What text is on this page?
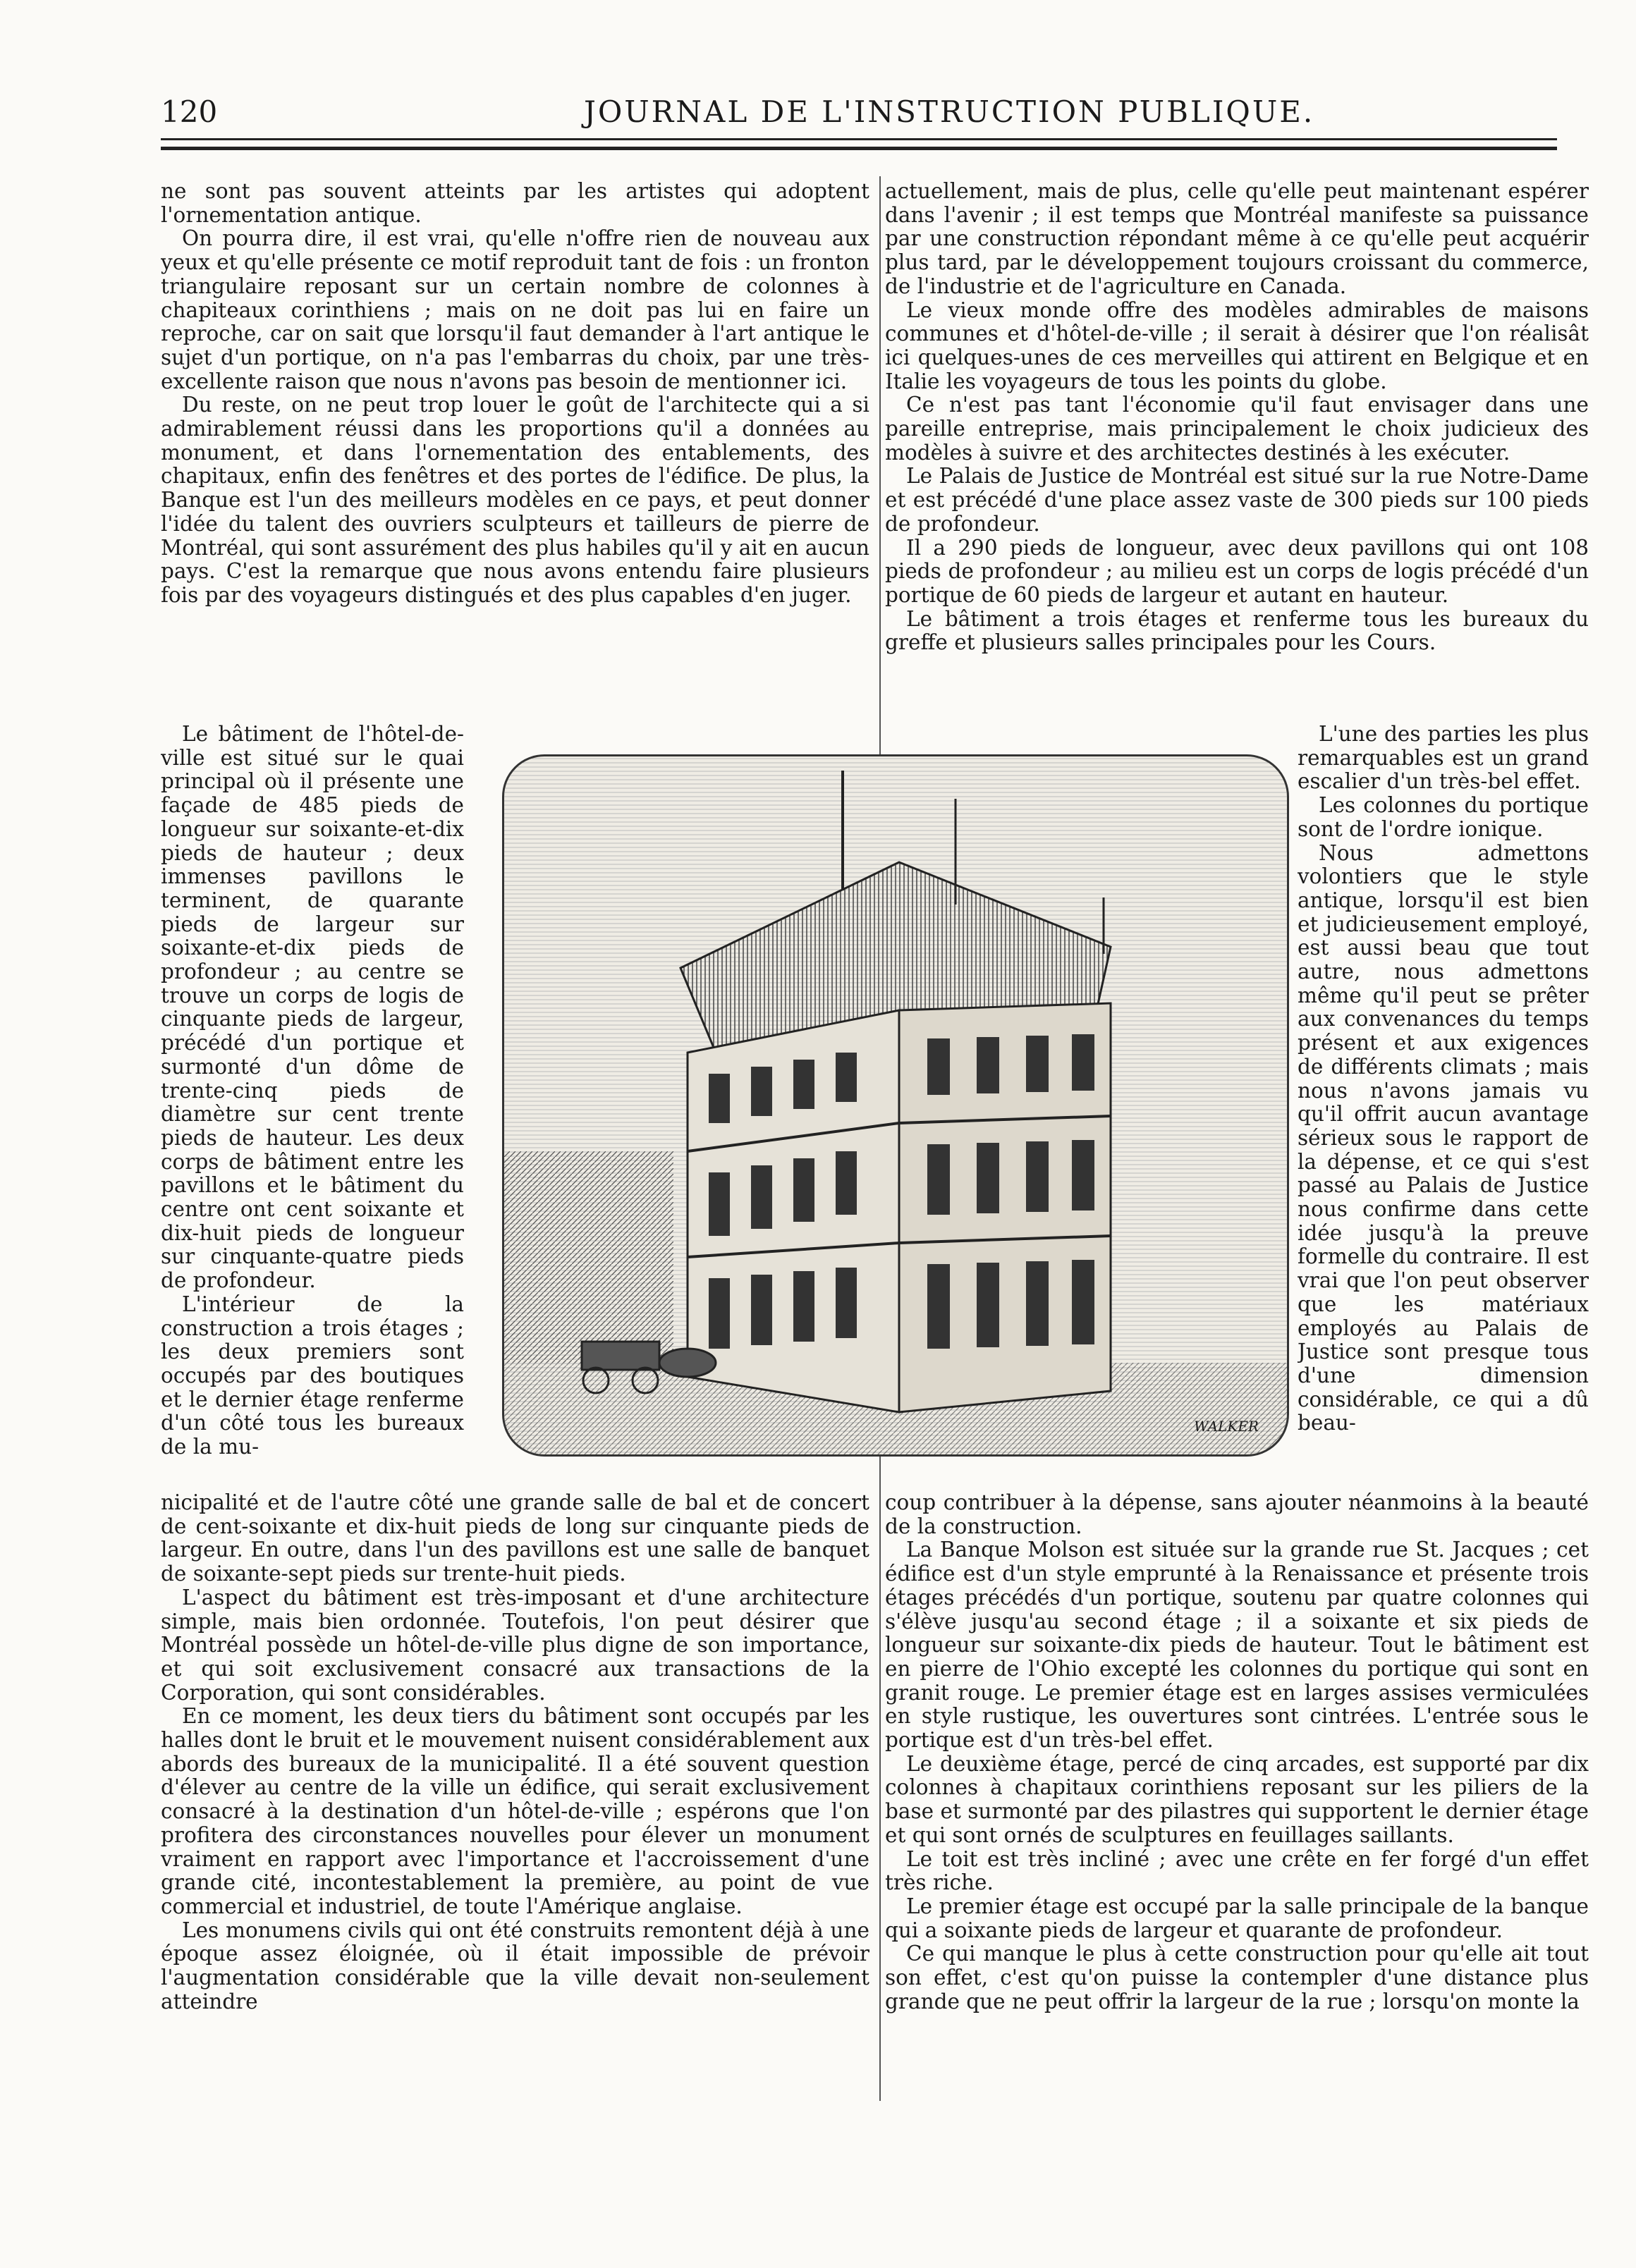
120	JOURNAL DE L'INSTRUCTION PUBLIQUE.

ne sont pas souvent atteints par les artistes qui adoptent l'ornementation antique.

On pourra dire, il est vrai, qu'elle n'offre rien de nouveau aux yeux et qu'elle présente ce motif reproduit tant de fois : un fronton triangulaire reposant sur un certain nombre de colonnes à chapiteaux corinthiens ; mais on ne doit pas lui en faire un reproche, car on sait que lorsqu'il faut demander à l'art antique le sujet d'un portique, on n'a pas l'embarras du choix, par une très-excellente raison que nous n'avons pas besoin de mentionner ici.

Du reste, on ne peut trop louer le goût de l'architecte qui a si admirablement réussi dans les proportions qu'il a données au monument, et dans l'ornementation des entablements, des chapitaux, enfin des fenêtres et des portes de l'édifice. De plus, la Banque est l'un des meilleurs modèles en ce pays, et peut donner l'idée du talent des ouvriers sculpteurs et tailleurs de pierre de Montréal, qui sont assurément des plus habiles qu'il y ait en aucun pays. C'est la remarque que nous avons entendu faire plusieurs fois par des voyageurs distingués et des plus capables d'en juger.

Le bâtiment de l'hôtel-de-ville est situé sur le quai principal où il présente une façade de 485 pieds de longueur sur soixante-et-dix pieds de hauteur ; deux immenses pavillons le terminent, de quarante pieds de largeur sur soixante-et-dix pieds de profondeur ; au centre se trouve un corps de logis de cinquante pieds de largeur, précédé d'un portique et surmonté d'un dôme de trente-cinq pieds de diamètre sur cent trente pieds de hauteur. Les deux corps de bâtiment entre les pavillons et le bâtiment du centre ont cent soixante et dix-huit pieds de longueur sur cinquante-quatre pieds de profondeur.

L'intérieur de la construction a trois étages ; les deux premiers sont occupés par des boutiques et le dernier étage renferme d'un côté tous les bureaux de la mu-

actuellement, mais de plus, celle qu'elle peut maintenant espérer dans l'avenir ; il est temps que Montréal manifeste sa puissance par une construction répondant même à ce qu'elle peut acquérir plus tard, par le développement toujours croissant du commerce, de l'industrie et de l'agriculture en Canada.

Le vieux monde offre des modèles admirables de maisons communes et d'hôtel-de-ville ; il serait à désirer que l'on réalisât ici quelques-unes de ces merveilles qui attirent en Belgique et en Italie les voyageurs de tous les points du globe.

Ce n'est pas tant l'économie qu'il faut envisager dans une pareille entreprise, mais principalement le choix judicieux des modèles à suivre et des architectes destinés à les exécuter.

Le Palais de Justice de Montréal est situé sur la rue Notre-Dame et est précédé d'une place assez vaste de 300 pieds sur 100 pieds de profondeur.

Il a 290 pieds de longueur, avec deux pavillons qui ont 108 pieds de profondeur ; au milieu est un corps de logis précédé d'un portique de 60 pieds de largeur et autant en hauteur.

Le bâtiment a trois étages et renferme tous les bureaux du greffe et plusieurs salles principales pour les Cours.

L'une des parties les plus remarquables est un grand escalier d'un très-bel effet.

Les colonnes du portique sont de l'ordre ionique.

Nous admettons volontiers que le style antique, lorsqu'il est bien et judicieusement employé, est aussi beau que tout autre, nous admettons même qu'il peut se prêter aux convenances du temps présent et aux exigences de différents climats ; mais nous n'avons jamais vu qu'il offrit aucun avantage sérieux sous le rapport de la dépense, et ce qui s'est passé au Palais de Justice nous confirme dans cette idée jusqu'à la preuve formelle du contraire. Il est vrai que l'on peut observer que les matériaux employés au Palais de Justice sont presque tous d'une dimension considérable, ce qui a dû beau-

WALKER

nicipalité et de l'autre côté une grande salle de bal et de concert de cent-soixante et dix-huit pieds de long sur cinquante pieds de largeur. En outre, dans l'un des pavillons est une salle de banquet de soixante-sept pieds sur trente-huit pieds.

L'aspect du bâtiment est très-imposant et d'une architecture simple, mais bien ordonnée. Toutefois, l'on peut désirer que Montréal possède un hôtel-de-ville plus digne de son importance, et qui soit exclusivement consacré aux transactions de la Corporation, qui sont considérables.

En ce moment, les deux tiers du bâtiment sont occupés par les halles dont le bruit et le mouvement nuisent considérablement aux abords des bureaux de la municipalité. Il a été souvent question d'élever au centre de la ville un édifice, qui serait exclusivement consacré à la destination d'un hôtel-de-ville ; espérons que l'on profitera des circonstances nouvelles pour élever un monument vraiment en rapport avec l'importance et l'accroissement d'une grande cité, incontestablement la première, au point de vue commercial et industriel, de toute l'Amérique anglaise.

Les monumens civils qui ont été construits remontent déjà à une époque assez éloignée, où il était impossible de prévoir l'augmentation considérable que la ville devait non-seulement atteindre

coup contribuer à la dépense, sans ajouter néanmoins à la beauté de la construction.

La Banque Molson est située sur la grande rue St. Jacques ; cet édifice est d'un style emprunté à la Renaissance et présente trois étages précédés d'un portique, soutenu par quatre colonnes qui s'élève jusqu'au second étage ; il a soixante et six pieds de longueur sur soixante-dix pieds de hauteur. Tout le bâtiment est en pierre de l'Ohio excepté les colonnes du portique qui sont en granit rouge. Le premier étage est en larges assises vermiculées en style rustique, les ouvertures sont cintrées. L'entrée sous le portique est d'un très-bel effet.

Le deuxième étage, percé de cinq arcades, est supporté par dix colonnes à chapitaux corinthiens reposant sur les piliers de la base et surmonté par des pilastres qui supportent le dernier étage et qui sont ornés de sculptures en feuillages saillants.

Le toit est très incliné ; avec une crête en fer forgé d'un effet très riche.

Le premier étage est occupé par la salle principale de la banque qui a soixante pieds de largeur et quarante de profondeur.

Ce qui manque le plus à cette construction pour qu'elle ait tout son effet, c'est qu'on puisse la contempler d'une distance plus grande que ne peut offrir la largeur de la rue ; lorsqu'on monte la
